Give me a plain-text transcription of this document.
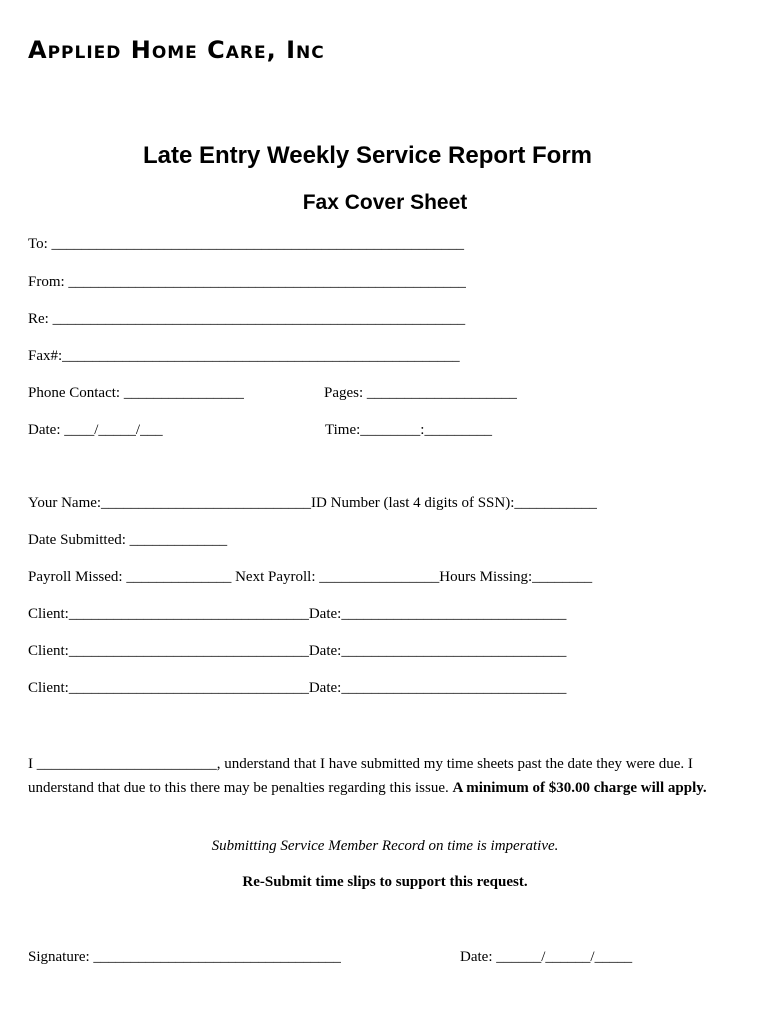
Applied Home Care, Inc
Late Entry Weekly Service Report Form
Fax Cover Sheet
To: _______________________________________________________
From: _____________________________________________________
Re: _______________________________________________________
Fax#:_____________________________________________________
Phone Contact: ________________	Pages: ____________________
Date: ____/_____/___	Time:________:_________
Your Name:____________________________ID Number (last 4 digits of SSN):___________
Date Submitted: _____________
Payroll Missed: ______________ Next Payroll: ________________Hours Missing:________
Client:________________________________Date:______________________________
Client:________________________________Date:______________________________
Client:________________________________Date:______________________________
I ________________________, understand that I have submitted my time sheets past the date they were due. I understand that due to this there may be penalties regarding this issue. A minimum of $30.00 charge will apply.
Submitting Service Member Record on time is imperative.
Re-Submit time slips to support this request.
Signature: _________________________________	Date: ______/______/_____
